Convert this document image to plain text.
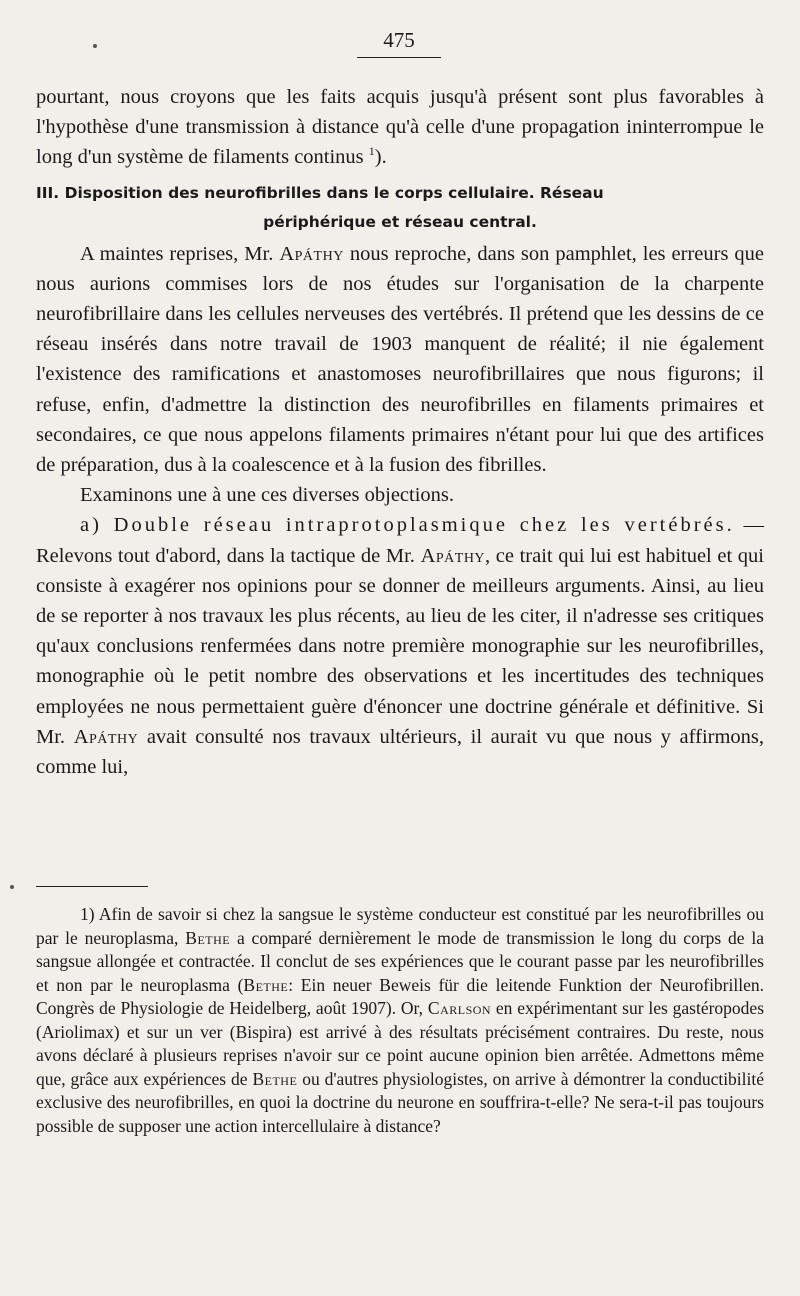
475

pourtant, nous croyons que les faits acquis jusqu'à présent sont plus favorables à l'hypothèse d'une transmission à distance qu'à celle d'une propagation ininterrompue le long d'un système de filaments continus $^1$).

III. Disposition des neurofibrilles dans le corps cellulaire. Réseau
périphérique et réseau central.

A maintes reprises, Mr. Apáthy nous reproche, dans son pamphlet, les erreurs que nous aurions commises lors de nos études sur l'organisation de la charpente neurofibrillaire dans les cellules nerveuses des vertébrés. Il prétend que les dessins de ce réseau insérés dans notre travail de 1903 manquent de réalité; il nie également l'existence des ramifications et anastomoses neurofibrillaires que nous figurons; il refuse, enfin, d'admettre la distinction des neurofibrilles en filaments primaires et secondaires, ce que nous appelons filaments primaires n'étant pour lui que des artifices de préparation, dus à la coalescence et à la fusion des fibrilles.

Examinons une à une ces diverses objections.

a) Double réseau intraprotoplasmique chez les vertébrés. — Relevons tout d'abord, dans la tactique de Mr. Apáthy, ce trait qui lui est habituel et qui consiste à exagérer nos opinions pour se donner de meilleurs arguments. Ainsi, au lieu de se reporter à nos travaux les plus récents, au lieu de les citer, il n'adresse ses critiques qu'aux conclusions renfermées dans notre première monographie sur les neurofibrilles, monographie où le petit nombre des observations et les incertitudes des techniques employées ne nous permettaient guère d'énoncer une doctrine générale et définitive. Si Mr. Apáthy avait consulté nos travaux ultérieurs, il aurait vu que nous y affirmons, comme lui,

1) Afin de savoir si chez la sangsue le système conducteur est constitué par les neurofibrilles ou par le neuroplasma, Bethe a comparé dernièrement le mode de transmission le long du corps de la sangsue allongée et contractée. Il conclut de ses expériences que le courant passe par les neurofibrilles et non par le neuroplasma (Bethe: Ein neuer Beweis für die leitende Funktion der Neurofibrillen. Congrès de Physiologie de Heidelberg, août 1907). Or, Carlson en expérimentant sur les gastéropodes (Ariolimax) et sur un ver (Bispira) est arrivé à des résultats précisément contraires. Du reste, nous avons déclaré à plusieurs reprises n'avoir sur ce point aucune opinion bien arrêtée. Admettons même que, grâce aux expériences de Bethe ou d'autres physiologistes, on arrive à démontrer la conductibilité exclusive des neurofibrilles, en quoi la doctrine du neurone en souffrira-t-elle? Ne sera-t-il pas toujours possible de supposer une action intercellulaire à distance?
